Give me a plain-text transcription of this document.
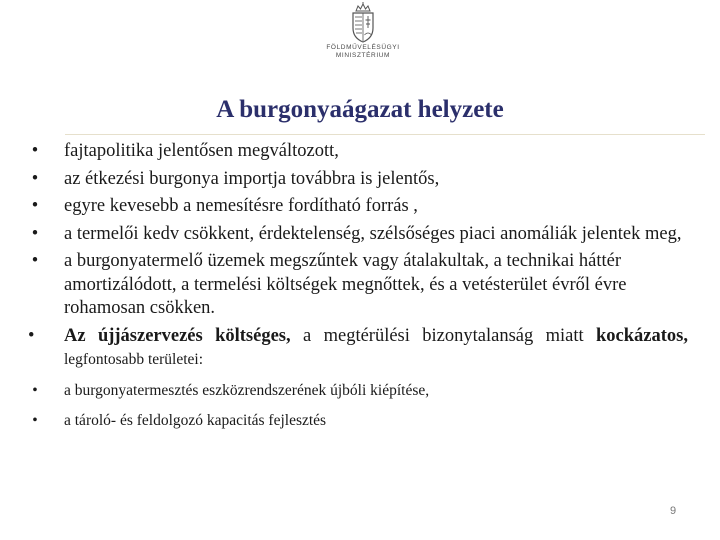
FÖLDMŰVELÉSÜGYI
MINISZTÉRIUM
A burgonyaágazat helyzete
• fajtapolitika jelentősen megváltozott,
• az étkezési burgonya importja továbbra is jelentős,
• egyre kevesebb a nemesítésre fordítható forrás ,
• a termelői kedv csökkent, érdektelenség, szélsőséges piaci anomáliák jelentek meg,
• a burgonyatermelő üzemek megszűntek vagy átalakultak, a technikai háttér amortizálódott, a termelési költségek megnőttek, és a vetésterület évről évre rohamosan csökken.
•	Az újjászervezés költséges, a megtérülési bizonytalanság miatt kockázatos, legfontosabb területei:
• a burgonyatermesztés eszközrendszerének újbóli kiépítése,
• a tároló- és feldolgozó kapacitás fejlesztés
9
